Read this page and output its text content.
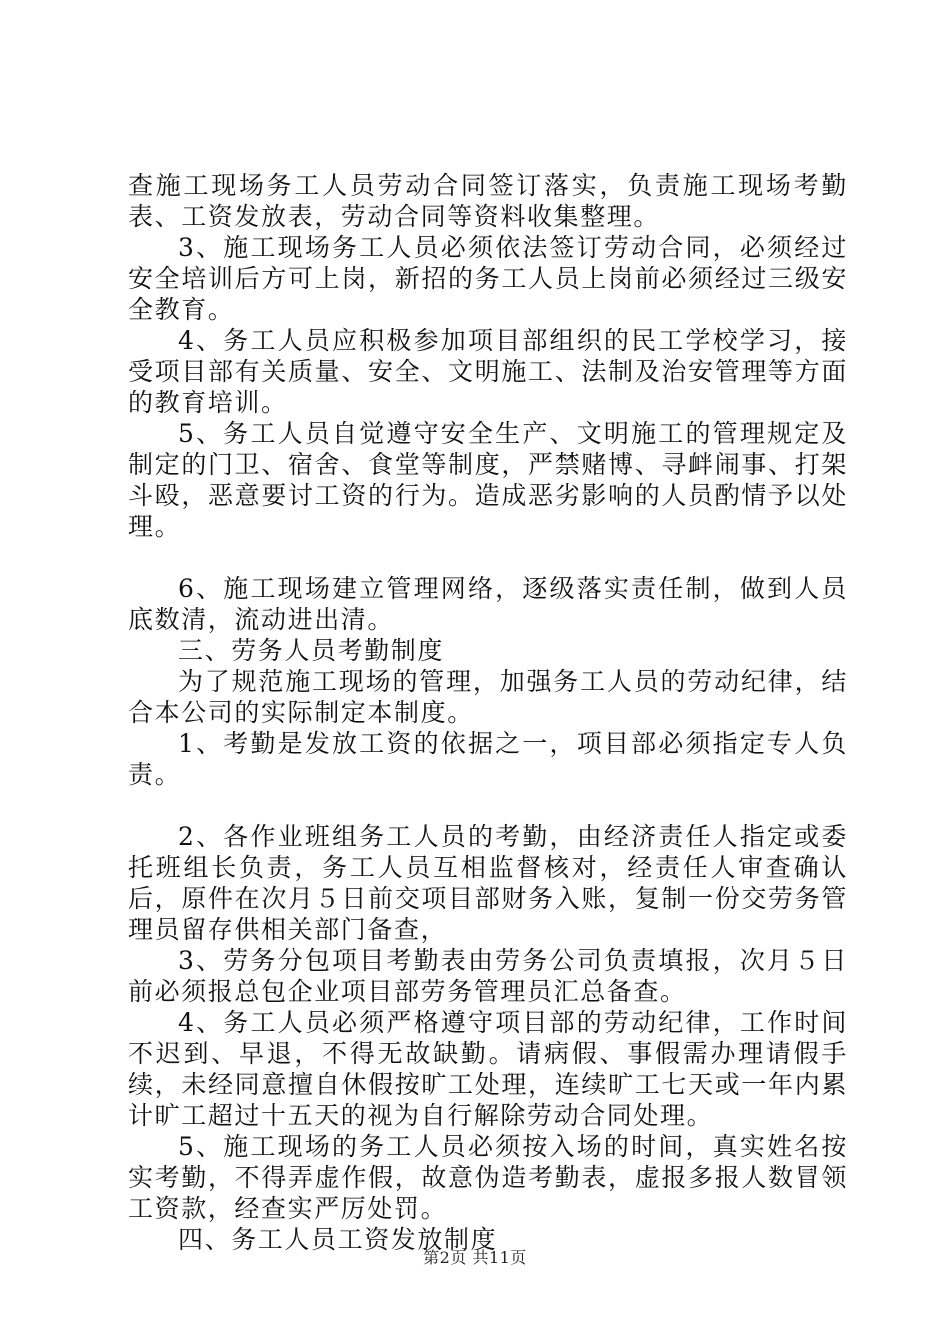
查施工现场务工人员劳动合同签订落实，负责施工现场考勤表、工资发放表，劳动合同等资料收集整理。

3、施工现场务工人员必须依法签订劳动合同，必须经过安全培训后方可上岗，新招的务工人员上岗前必须经过三级安全教育。

4、务工人员应积极参加项目部组织的民工学校学习，接受项目部有关质量、安全、文明施工、法制及治安管理等方面的教育培训。

5、务工人员自觉遵守安全生产、文明施工的管理规定及制定的门卫、宿舍、食堂等制度，严禁赌博、寻衅闹事、打架斗殴，恶意要讨工资的行为。造成恶劣影响的人员酌情予以处理。

6、施工现场建立管理网络，逐级落实责任制，做到人员底数清，流动进出清。

三、劳务人员考勤制度

为了规范施工现场的管理，加强务工人员的劳动纪律，结合本公司的实际制定本制度。

1、考勤是发放工资的依据之一，项目部必须指定专人负责。

2、各作业班组务工人员的考勤，由经济责任人指定或委托班组长负责，务工人员互相监督核对，经责任人审查确认后，原件在次月５日前交项目部财务入账，复制一份交劳务管理员留存供相关部门备查，

3、劳务分包项目考勤表由劳务公司负责填报，次月５日前必须报总包企业项目部劳务管理员汇总备查。

4、务工人员必须严格遵守项目部的劳动纪律，工作时间不迟到、早退，不得无故缺勤。请病假、事假需办理请假手续，未经同意擅自休假按旷工处理，连续旷工七天或一年内累计旷工超过十五天的视为自行解除劳动合同处理。

5、施工现场的务工人员必须按入场的时间，真实姓名按实考勤，不得弄虚作假，故意伪造考勤表，虚报多报人数冒领工资款，经查实严厉处罚。

四、务工人员工资发放制度

第2页 共11页
